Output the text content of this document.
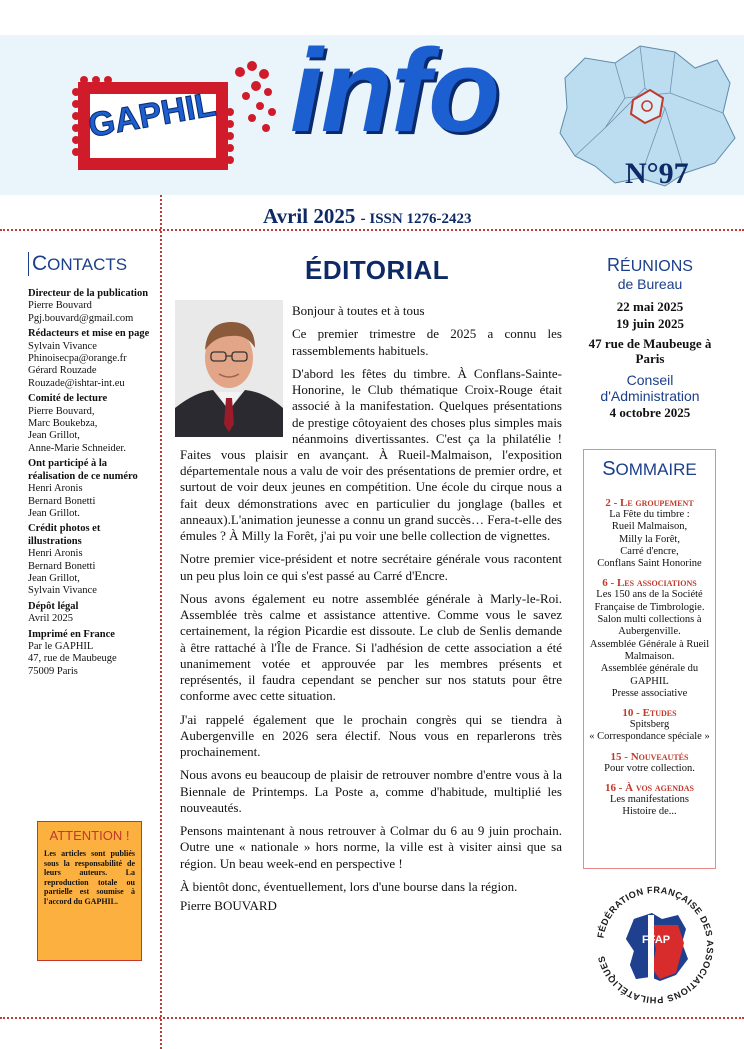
GAPHIL info
N°97
Avril 2025 - ISSN 1276-2423
CONTACTS
Directeur de la publication
Pierre Bouvard
Pgj.bouvard@gmail.com
Rédacteurs et mise en page
Sylvain Vivance
Phinoisecpa@orange.fr
Gérard Rouzade
Rouzade@ishtar-int.eu
Comité de lecture
Pierre Bouvard,
Marc Boukebza,
Jean Grillot,
Anne-Marie Schneider.
Ont participé à la réalisation de ce numéro
Henri Aronis
Bernard Bonetti
Jean Grillot.
Crédit photos et illustrations
Henri Aronis
Bernard Bonetti
Jean Grillot,
Sylvain Vivance
Dépôt légal
Avril 2025
Imprimé en France
Par le GAPHIL
47, rue de Maubeuge
75009 Paris
ATTENTION !
Les articles sont publiés sous la responsabilité de leurs auteurs. La reproduction totale ou partielle est soumise à l'accord du GAPHIL.
ÉDITORIAL

Bonjour à toutes et à tous

Ce premier trimestre de 2025 a connu les rassemblements habituels.

D'abord les fêtes du timbre. À Conflans-Sainte-Honorine, le Club thématique Croix-Rouge était associé à la manifestation. Quelques présentations de prestige côtoyaient des choses plus simples mais néanmoins divertissantes. C'est ça la philatélie ! Faites vous plaisir en avançant. À Rueil-Malmaison, l'exposition départementale nous a valu de voir des présentations de premier ordre, et surtout de voir deux jeunes en compétition. Une école du cirque nous a fait deux démonstrations avec en particulier du jonglage (balles et anneaux).L'animation jeunesse a connu un grand succès… Fera-t-elle des émules ? À Milly la Forêt, j'ai pu voir une belle collection de vignettes.

Notre premier vice-président et notre secrétaire générale vous racontent un peu plus loin ce qui s'est passé au Carré d'Encre.

Nous avons également eu notre assemblée générale à Marly-le-Roi. Assemblée très calme et assistance attentive. Comme vous le savez certainement, la région Picardie est dissoute. Le club de Senlis demande à être rattaché à l'Île de France. Si l'adhésion de cette association a été unanimement votée et approuvée par les membres présents et représentés, il faudra cependant se pencher sur nos statuts pour être conforme avec cette situation.

J'ai rappelé également que le prochain congrès qui se tiendra à Aubergenville en 2026 sera électif. Nous vous en reparlerons très prochainement.

Nous avons eu beaucoup de plaisir de retrouver nombre d'entre vous à la Biennale de Printemps. La Poste a, comme d'habitude, multiplié les nouveautés.

Pensons maintenant à nous retrouver à Colmar du 6 au 9 juin prochain. Outre une « nationale » hors norme, la ville est à visiter ainsi que sa région. Un beau week-end en perspective !

À bientôt donc, éventuellement, lors d'une bourse dans la région.

Pierre BOUVARD

RÉUNIONS
de Bureau
22 mai 2025
19 juin 2025
47 rue de Maubeuge à Paris
Conseil
d'Administration
4 octobre 2025
SOMMAIRE
2 - Le groupement
La Fête du timbre :
Rueil Malmaison,
Milly la Forêt,
Carré d'encre,
Conflans Saint Honorine
6 - Les associations
Les 150 ans de la Société Française de Timbrologie.
Salon multi collections à Aubergenville.
Assemblée Générale à Rueil Malmaison.
Assemblée générale du GAPHIL
Presse associative
10 - Etudes
Spitsberg
« Correspondance spéciale »
15 - Nouveautés
Pour votre collection.
16 - À vos agendas
Les manifestations
Histoire de...
FFAP
FÉDÉRATION FRANÇAISE DES ASSOCIATIONS PHILATÉLIQUES
